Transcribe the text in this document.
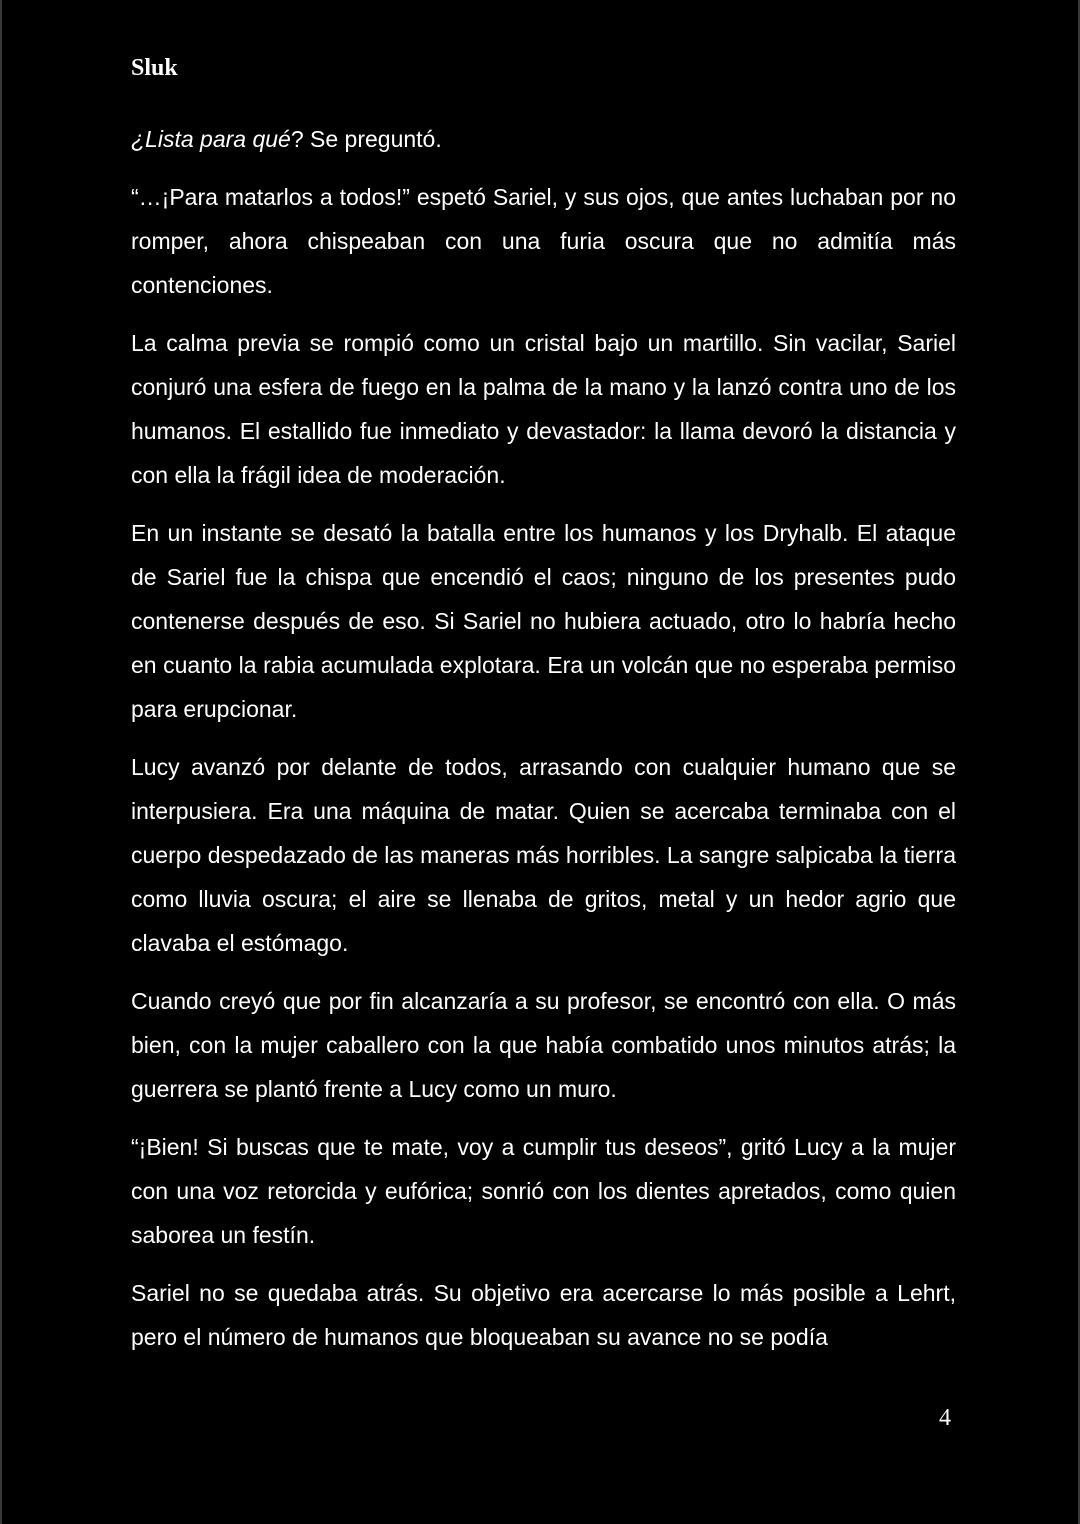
Sluk

¿Lista para qué? Se preguntó.

“…¡Para matarlos a todos!” espetó Sariel, y sus ojos, que antes luchaban por no romper, ahora chispeaban con una furia oscura que no admitía más contenciones.

La calma previa se rompió como un cristal bajo un martillo. Sin vacilar, Sariel conjuró una esfera de fuego en la palma de la mano y la lanzó contra uno de los humanos. El estallido fue inmediato y devastador: la llama devoró la distancia y con ella la frágil idea de moderación.

En un instante se desató la batalla entre los humanos y los Dryhalb. El ataque de Sariel fue la chispa que encendió el caos; ninguno de los presentes pudo contenerse después de eso. Si Sariel no hubiera actuado, otro lo habría hecho en cuanto la rabia acumulada explotara. Era un volcán que no esperaba permiso para erupcionar.

Lucy avanzó por delante de todos, arrasando con cualquier humano que se interpusiera. Era una máquina de matar. Quien se acercaba terminaba con el cuerpo despedazado de las maneras más horribles. La sangre salpicaba la tierra como lluvia oscura; el aire se llenaba de gritos, metal y un hedor agrio que clavaba el estómago.

Cuando creyó que por fin alcanzaría a su profesor, se encontró con ella. O más bien, con la mujer caballero con la que había combatido unos minutos atrás; la guerrera se plantó frente a Lucy como un muro.

“¡Bien! Si buscas que te mate, voy a cumplir tus deseos”, gritó Lucy a la mujer con una voz retorcida y eufórica; sonrió con los dientes apretados, como quien saborea un festín.

Sariel no se quedaba atrás. Su objetivo era acercarse lo más posible a Lehrt, pero el número de humanos que bloqueaban su avance no se podía

4
